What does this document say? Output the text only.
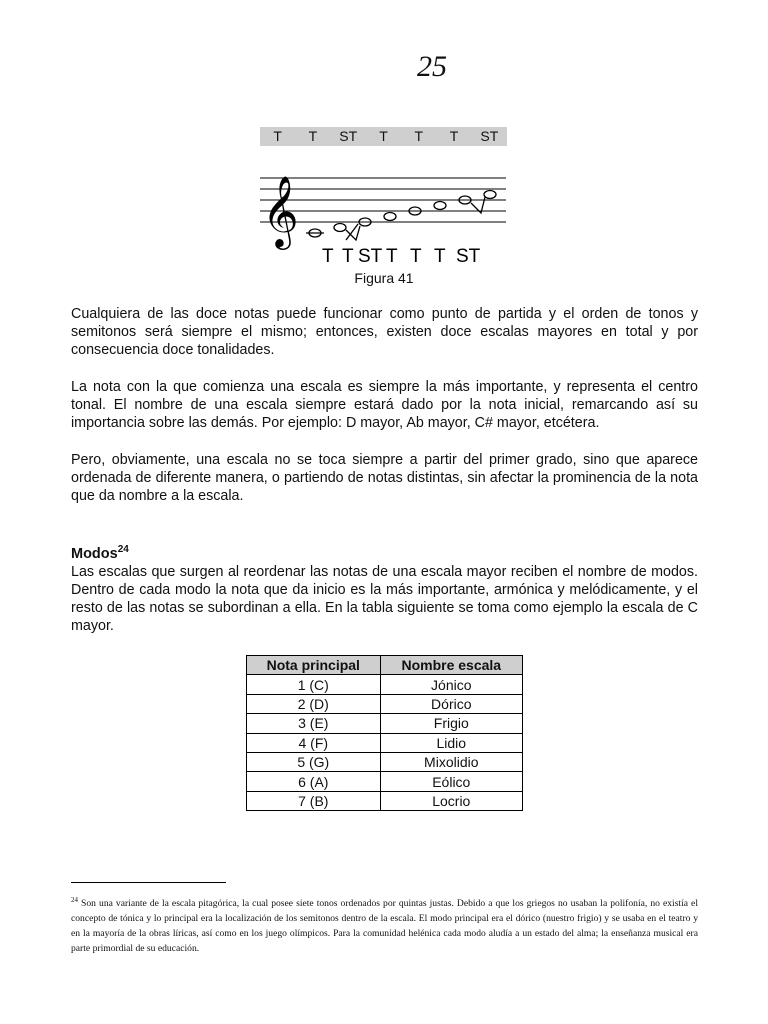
25
T	T	ST	T	T	T	ST
𝄞
T T ST T T T ST
Figura 41

Cualquiera de las doce notas puede funcionar como punto de partida y el orden de tonos y semitonos será siempre el mismo; entonces, existen doce escalas mayores en total y por consecuencia doce tonalidades.

La nota con la que comienza una escala es siempre la más importante, y representa el centro tonal. El nombre de una escala siempre estará dado por la nota inicial, remarcando así su importancia sobre las demás. Por ejemplo: D mayor, Ab mayor, C# mayor, etcétera.

Pero, obviamente, una escala no se toca siempre a partir del primer grado, sino que aparece ordenada de diferente manera, o partiendo de notas distintas, sin afectar la prominencia de la nota que da nombre a la escala.

Modos$^{24}$

Las escalas que surgen al reordenar las notas de una escala mayor reciben el nombre de modos. Dentro de cada modo la nota que da inicio es la más importante, armónica y melódicamente, y el resto de las notas se subordinan a ella. En la tabla siguiente se toma como ejemplo la escala de C mayor.

Nota principal	Nombre escala
1 (C)	Jónico
2 (D)	Dórico
3 (E)	Frigio
4 (F)	Lidio
5 (G)	Mixolidio
6 (A)	Eólico
7 (B)	Locrio

$^{24}$ Son una variante de la escala pitagórica, la cual posee siete tonos ordenados por quintas justas. Debido a que los griegos no usaban la polifonía, no existía el concepto de tónica y lo principal era la localización de los semitonos dentro de la escala. El modo principal era el dórico (nuestro frigio) y se usaba en el teatro y en la mayoría de la obras líricas, así como en los juego olímpicos. Para la comunidad helénica cada modo aludía a un estado del alma; la enseñanza musical era parte primordial de su educación.
